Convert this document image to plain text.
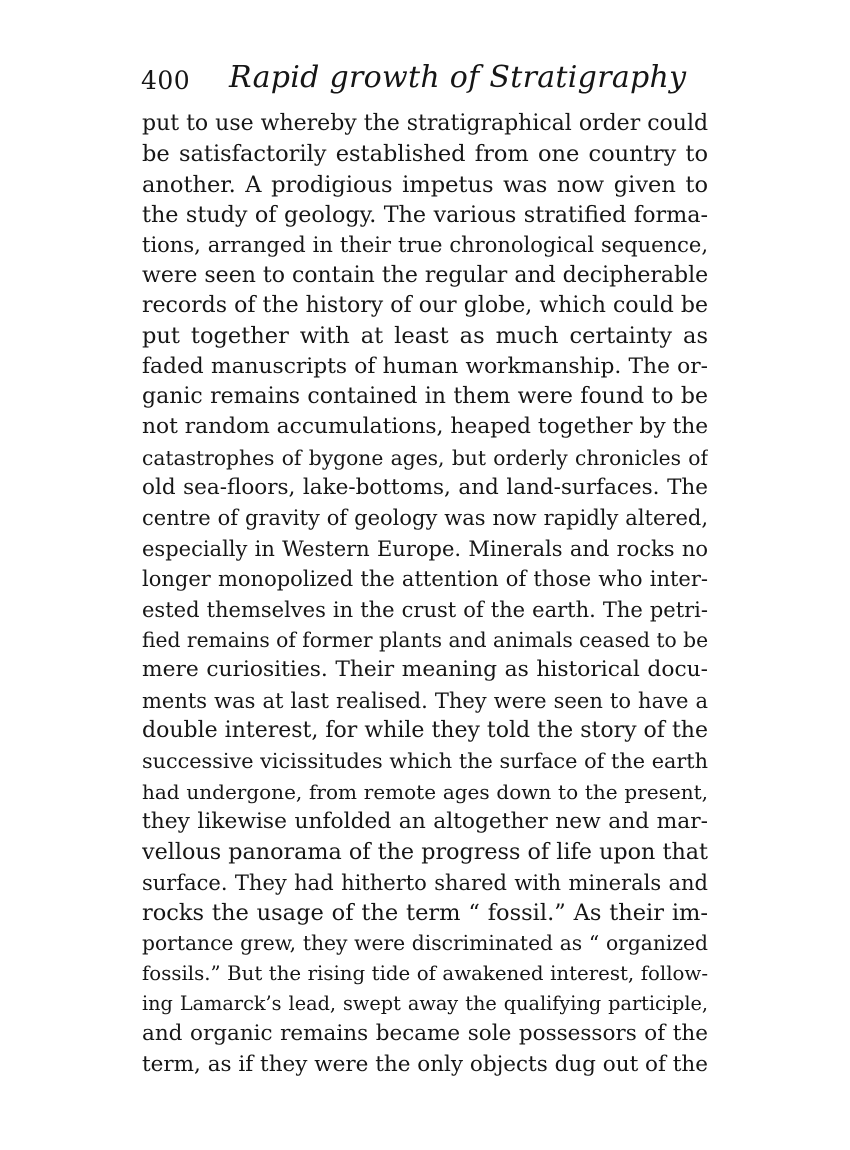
400 Rapid growth of Stratigraphy
put to use whereby the stratigraphical order could
be satisfactorily established from one country to
another. A prodigious impetus was now given to
the study of geology. The various stratified forma-
tions, arranged in their true chronological sequence,
were seen to contain the regular and decipherable
records of the history of our globe, which could be
put together with at least as much certainty as
faded manuscripts of human workmanship. The or-
ganic remains contained in them were found to be
not random accumulations, heaped together by the
catastrophes of bygone ages, but orderly chronicles of
old sea-floors, lake-bottoms, and land-surfaces. The
centre of gravity of geology was now rapidly altered,
especially in Western Europe. Minerals and rocks no
longer monopolized the attention of those who inter-
ested themselves in the crust of the earth. The petri-
fied remains of former plants and animals ceased to be
mere curiosities. Their meaning as historical docu-
ments was at last realised. They were seen to have a
double interest, for while they told the story of the
successive vicissitudes which the surface of the earth
had undergone, from remote ages down to the present,
they likewise unfolded an altogether new and mar-
vellous panorama of the progress of life upon that
surface. They had hitherto shared with minerals and
rocks the usage of the term “ fossil.” As their im-
portance grew, they were discriminated as “ organized
fossils.” But the rising tide of awakened interest, follow-
ing Lamarck’s lead, swept away the qualifying participle,
and organic remains became sole possessors of the
term, as if they were the only objects dug out of the
